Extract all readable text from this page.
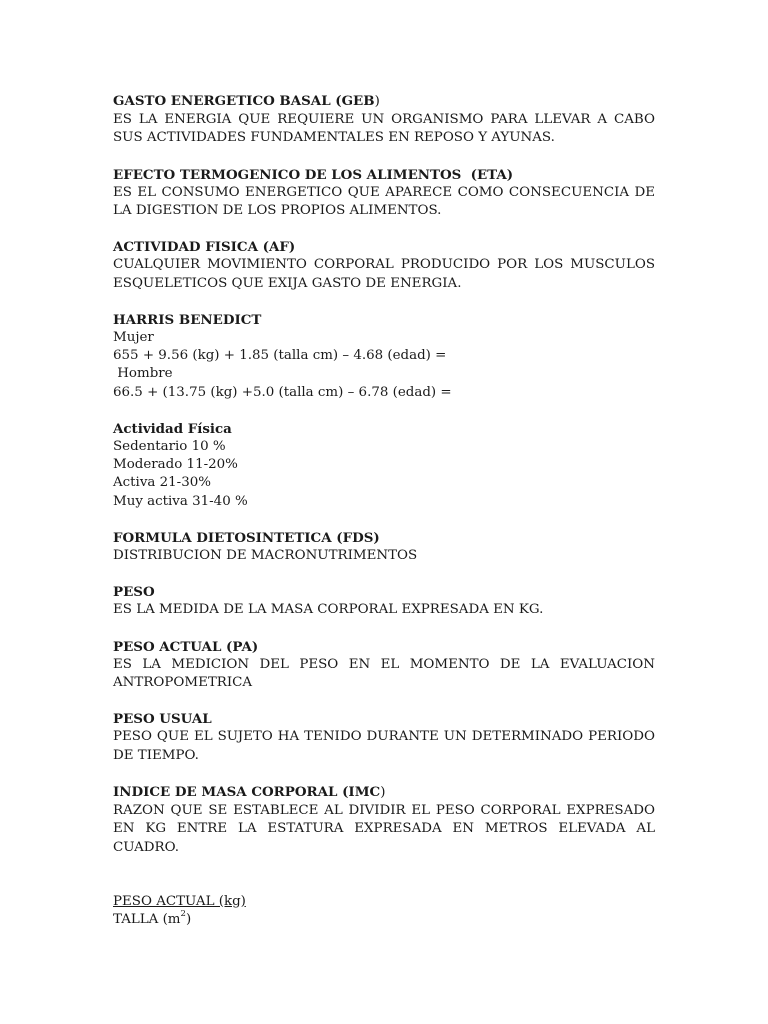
GASTO ENERGETICO BASAL (GEB)
ES LA ENERGIA QUE REQUIERE UN ORGANISMO PARA LLEVAR A CABO SUS ACTIVIDADES FUNDAMENTALES EN REPOSO Y AYUNAS.
EFECTO TERMOGENICO DE LOS ALIMENTOS  (ETA)
ES EL CONSUMO ENERGETICO QUE APARECE COMO CONSECUENCIA DE LA DIGESTION DE LOS PROPIOS ALIMENTOS.
ACTIVIDAD FISICA (AF)
CUALQUIER MOVIMIENTO CORPORAL PRODUCIDO POR LOS MUSCULOS ESQUELETICOS QUE EXIJA GASTO DE ENERGIA.
HARRIS BENEDICT
Mujer
655 + 9.56 (kg) + 1.85 (talla cm) – 4.68 (edad) =
Hombre
66.5 + (13.75 (kg) +5.0 (talla cm) – 6.78 (edad) =
Actividad Física
Sedentario 10 %
Moderado 11-20%
Activa 21-30%
Muy activa 31-40 %
FORMULA DIETOSINTETICA (FDS)
DISTRIBUCION DE MACRONUTRIMENTOS
PESO
ES LA MEDIDA DE LA MASA CORPORAL EXPRESADA EN KG.
PESO ACTUAL (PA)
ES LA MEDICION DEL PESO EN EL MOMENTO DE LA EVALUACION ANTROPOMETRICA
PESO USUAL
PESO QUE EL SUJETO HA TENIDO DURANTE UN DETERMINADO PERIODO DE TIEMPO.
INDICE DE MASA CORPORAL (IMC)
RAZON QUE SE ESTABLECE AL DIVIDIR EL PESO CORPORAL EXPRESADO EN KG ENTRE LA ESTATURA EXPRESADA EN METROS ELEVADA AL CUADRO.
PESO ACTUAL (kg)
TALLA $(m^2)$
